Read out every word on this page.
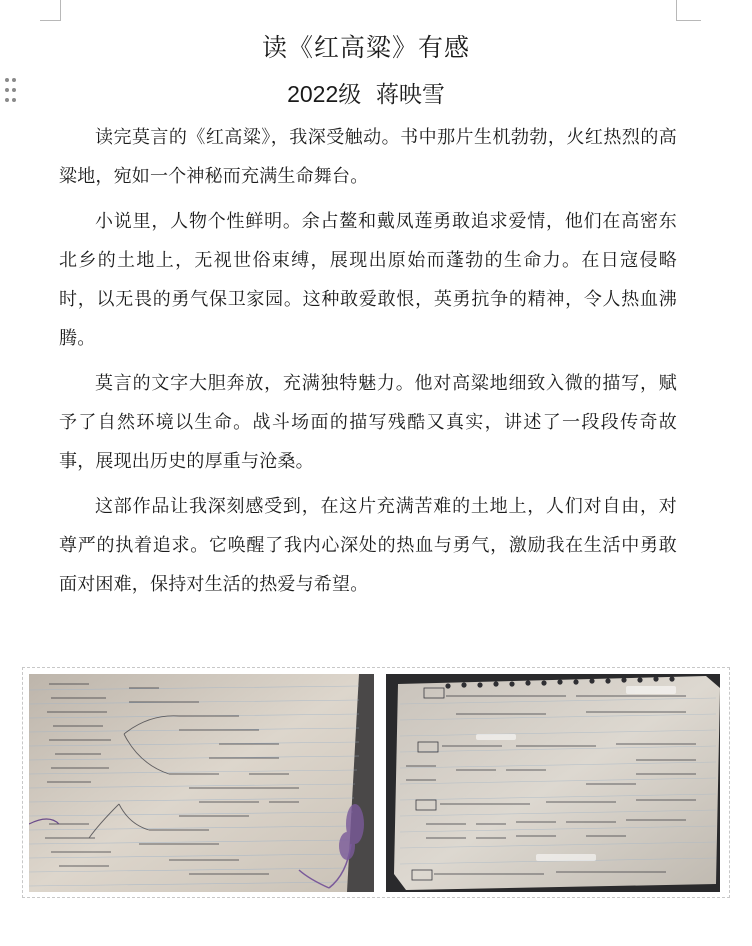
读《红高粱》有感
2022级 蒋映雪

读完莫言的《红高粱》，我深受触动。书中那片生机勃勃，火红热烈的高粱地，宛如一个神秘而充满生命舞台。

小说里，人物个性鲜明。余占鳌和戴凤莲勇敢追求爱情，他们在高密东北乡的土地上，无视世俗束缚，展现出原始而蓬勃的生命力。在日寇侵略时，以无畏的勇气保卫家园。这种敢爱敢恨，英勇抗争的精神，令人热血沸腾。

莫言的文字大胆奔放，充满独特魅力。他对高粱地细致入微的描写，赋予了自然环境以生命。战斗场面的描写残酷又真实，讲述了一段段传奇故事，展现出历史的厚重与沧桑。

这部作品让我深刻感受到，在这片充满苦难的土地上，人们对自由，对尊严的执着追求。它唤醒了我内心深处的热血与勇气，激励我在生活中勇敢面对困难，保持对生活的热爱与希望。
